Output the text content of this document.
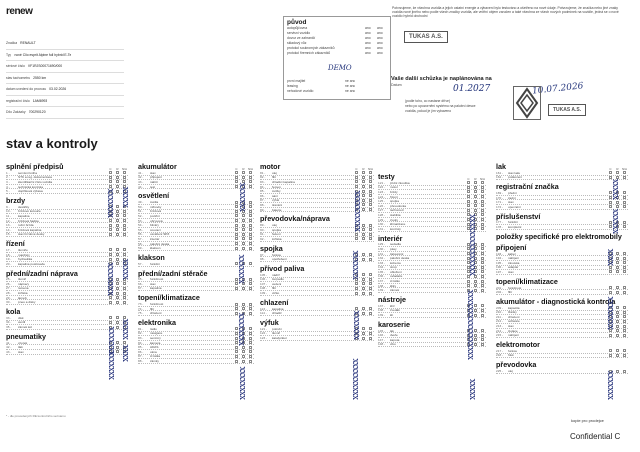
renew
Značka RENAULT
Typ nové Clio esprit Alpine full hybrid E-Te
sériové číslo VF1RJS00071690/000
stav tachometru 2550 km
datum uvedení do provozu 03.02.2026
registrační číslo 1AM6993
Dílo Zakázky 700290120
původ
autopůjčovna	ano	ano
servisní vozidlo	ano	ano
dovoz ze zahraničí	ano	ano
skladový vůz	ano	ano
protokol soukromých zákazníků	ano	ano
protokol firemních zákazníků	ano	ano
DEMO
první majitel	ne ano
leasing	ne ano
nehodové vozidlo	ne ano
Potvrzujeme, že všechna vozidla a jejich ostatní energie a výbavení bylo testováno a ošetřeno na nové údaje. Potvrzujeme, že značka nebo jiné znaky vozidla nové jiného nebo podle všech značky vozidla, ale vnitřní objem zaručen a také všechna ze všech nových podmínek na vozidle, jedná se o nové vozidlo hybrid obchodní
TUKAS A.S.
10.07.2026
Vaše další schůzka je naplánována na
Datum	01.2027
(podle toho, co nastane dříve)
nebo po upozornění systému na palubní desce
vozidla, pokud je jím vybaveno	TUKAS A.S.
stav a kontroly
splnění předpisů	C	R	N/A
1 -	servisní kniha
2 -	STK a reg. dokumentace
3 -	identifikační číslo vozidla
4 -	technická kontrola
5 -	doplňková výbava
brzdy
9 -	destičky
10 -	brzdové kotouče
11 -	kapalina
12 -	brzdová hadice
13 -	ruční brzda
14 -	brzdová kapalina
15 -	stav brzdové desky
řízení
17 -	tlumiče
18 -	manžety
19 -	hydraulika
20 -	kapalina posilovače
přední/zadní náprava
25 -	tlumič
26 -	nápravy
27 -	ramena
28 -	ložiska
29 -	lamely
30 -	pneu a disky
kola
33 -	disk
34 -	ventil
35 -	zámek kol
pneumatiky
41 -	vzorek
42 -	tlak
43 -	stav
akumulátor	C	R	N/A
41 -	stav
42 -	připojení
43 -	nabití
44 -	test
osvětlení
49 -	světla
50 -	mlhovky
51 -	brzdová
52 -	poziční
53 -	obrysová
54 -	blinkry
55 -	couvací
56 -	osvětlení SPZ
57 -	interiér
58 -	palubní deska
59 -	klakson
klakson
57 -	funkční
přední/zadní stěrače
65 -	funkčnost
66 -	stav
67 -	kapalina
topení/klimatizace
73 -	funkčnost
74 -	filtr
75 -	chlazení
elektronika
81 -	rádio
82 -	navigace
83 -	senzory
84 -	kamera
85 -	ADAS
86 -	okna
87 -	zrcátka
88 -	zámky
motor	C	R	N/A
81 -	olej
82 -	filtr
83 -	chladicí kapalina
84 -	řemen
85 -	svíčky
86 -	sání
87 -	výfuk
88 -	těsnění
89 -	baterie
převodovka/náprava
89 -	olej
90 -	spojka
91 -	řazení
92 -	ložiska
spojka
97 -	funkce
98 -	opotřebení
přívod paliva
105 -	nádrž
106 -	čerpadlo
107 -	vedení
108 -	filtr
109 -	víčko
chlazení
113 -	kapalina
114 -	chladič
výfuk
121 -	potrubí
122 -	tlumič
123 -	katalyzátor
testy	C	R	N/A
121 -	jízdní zkouška
122 -	motor
123 -	brzdy
124 -	řízení
125 -	spojka
126 -	převodovka
127 -	tachometr
128 -	stabilita
129 -	zvuky
130 -	klimatizace
131 -	kontroly
interiér
129 -	sedadla
130 -	pásy
131 -	čalounění
132 -	palubní deska
133 -	koberce
134 -	strop
135 -	obložení
136 -	ovladače
137 -	zrcátko
138 -	kliky
139 -	zámek
nástroje
137 -	klíč
138 -	zvedák
139 -	kit
karoserie
145 -	lak
146 -	dveře
147 -	kapota
148 -	víko
lak	C	R	N/A
161 -	stav laku
162 -	poškození
registrační značka
169 -	přední
170 -	zadní
171 -	stav
172 -	upevnění
příslušenství
177 -	funkční
178 -	kompletní
položky specifické pro elektromobily
připojení
193 -	kabel
194 -	nabíjení
195 -	zásuvka
196 -	adaptér
197 -	stav
topení/klimatizace
201 -	funkčnost
202 -	filtr
akumulátor - diagnostická kontrola
209 -	kapacita
210 -	články
211 -	chlazení
212 -	software
213 -	stav
214 -	izolace
215 -	nabíjení
elektromotor
217 -	funkce
218 -	hluk
převodovka
225 -	olej
* - dle provedených RE kontrolního seznamu
kopie pro prodejce
Confidential C
xxxxxxx xxxxx
xxxxxxxx xxxxx
xxxxxxx xxxxx
xxxxxxx xxxx
xxxxxxx
xxxxxxx
xxxxxxxx
xxxxxxxx
xxxxxxxxxx
xxxxxxx
xxxxxxx
xxxxxxxxxx
xxxxxxxxxxxxxxx
xxxxxxxxxxxxxxxxx
xxxxx
xxxxx
xxxxxx
xxxx
xxxxxxxx
xxxxxxx
